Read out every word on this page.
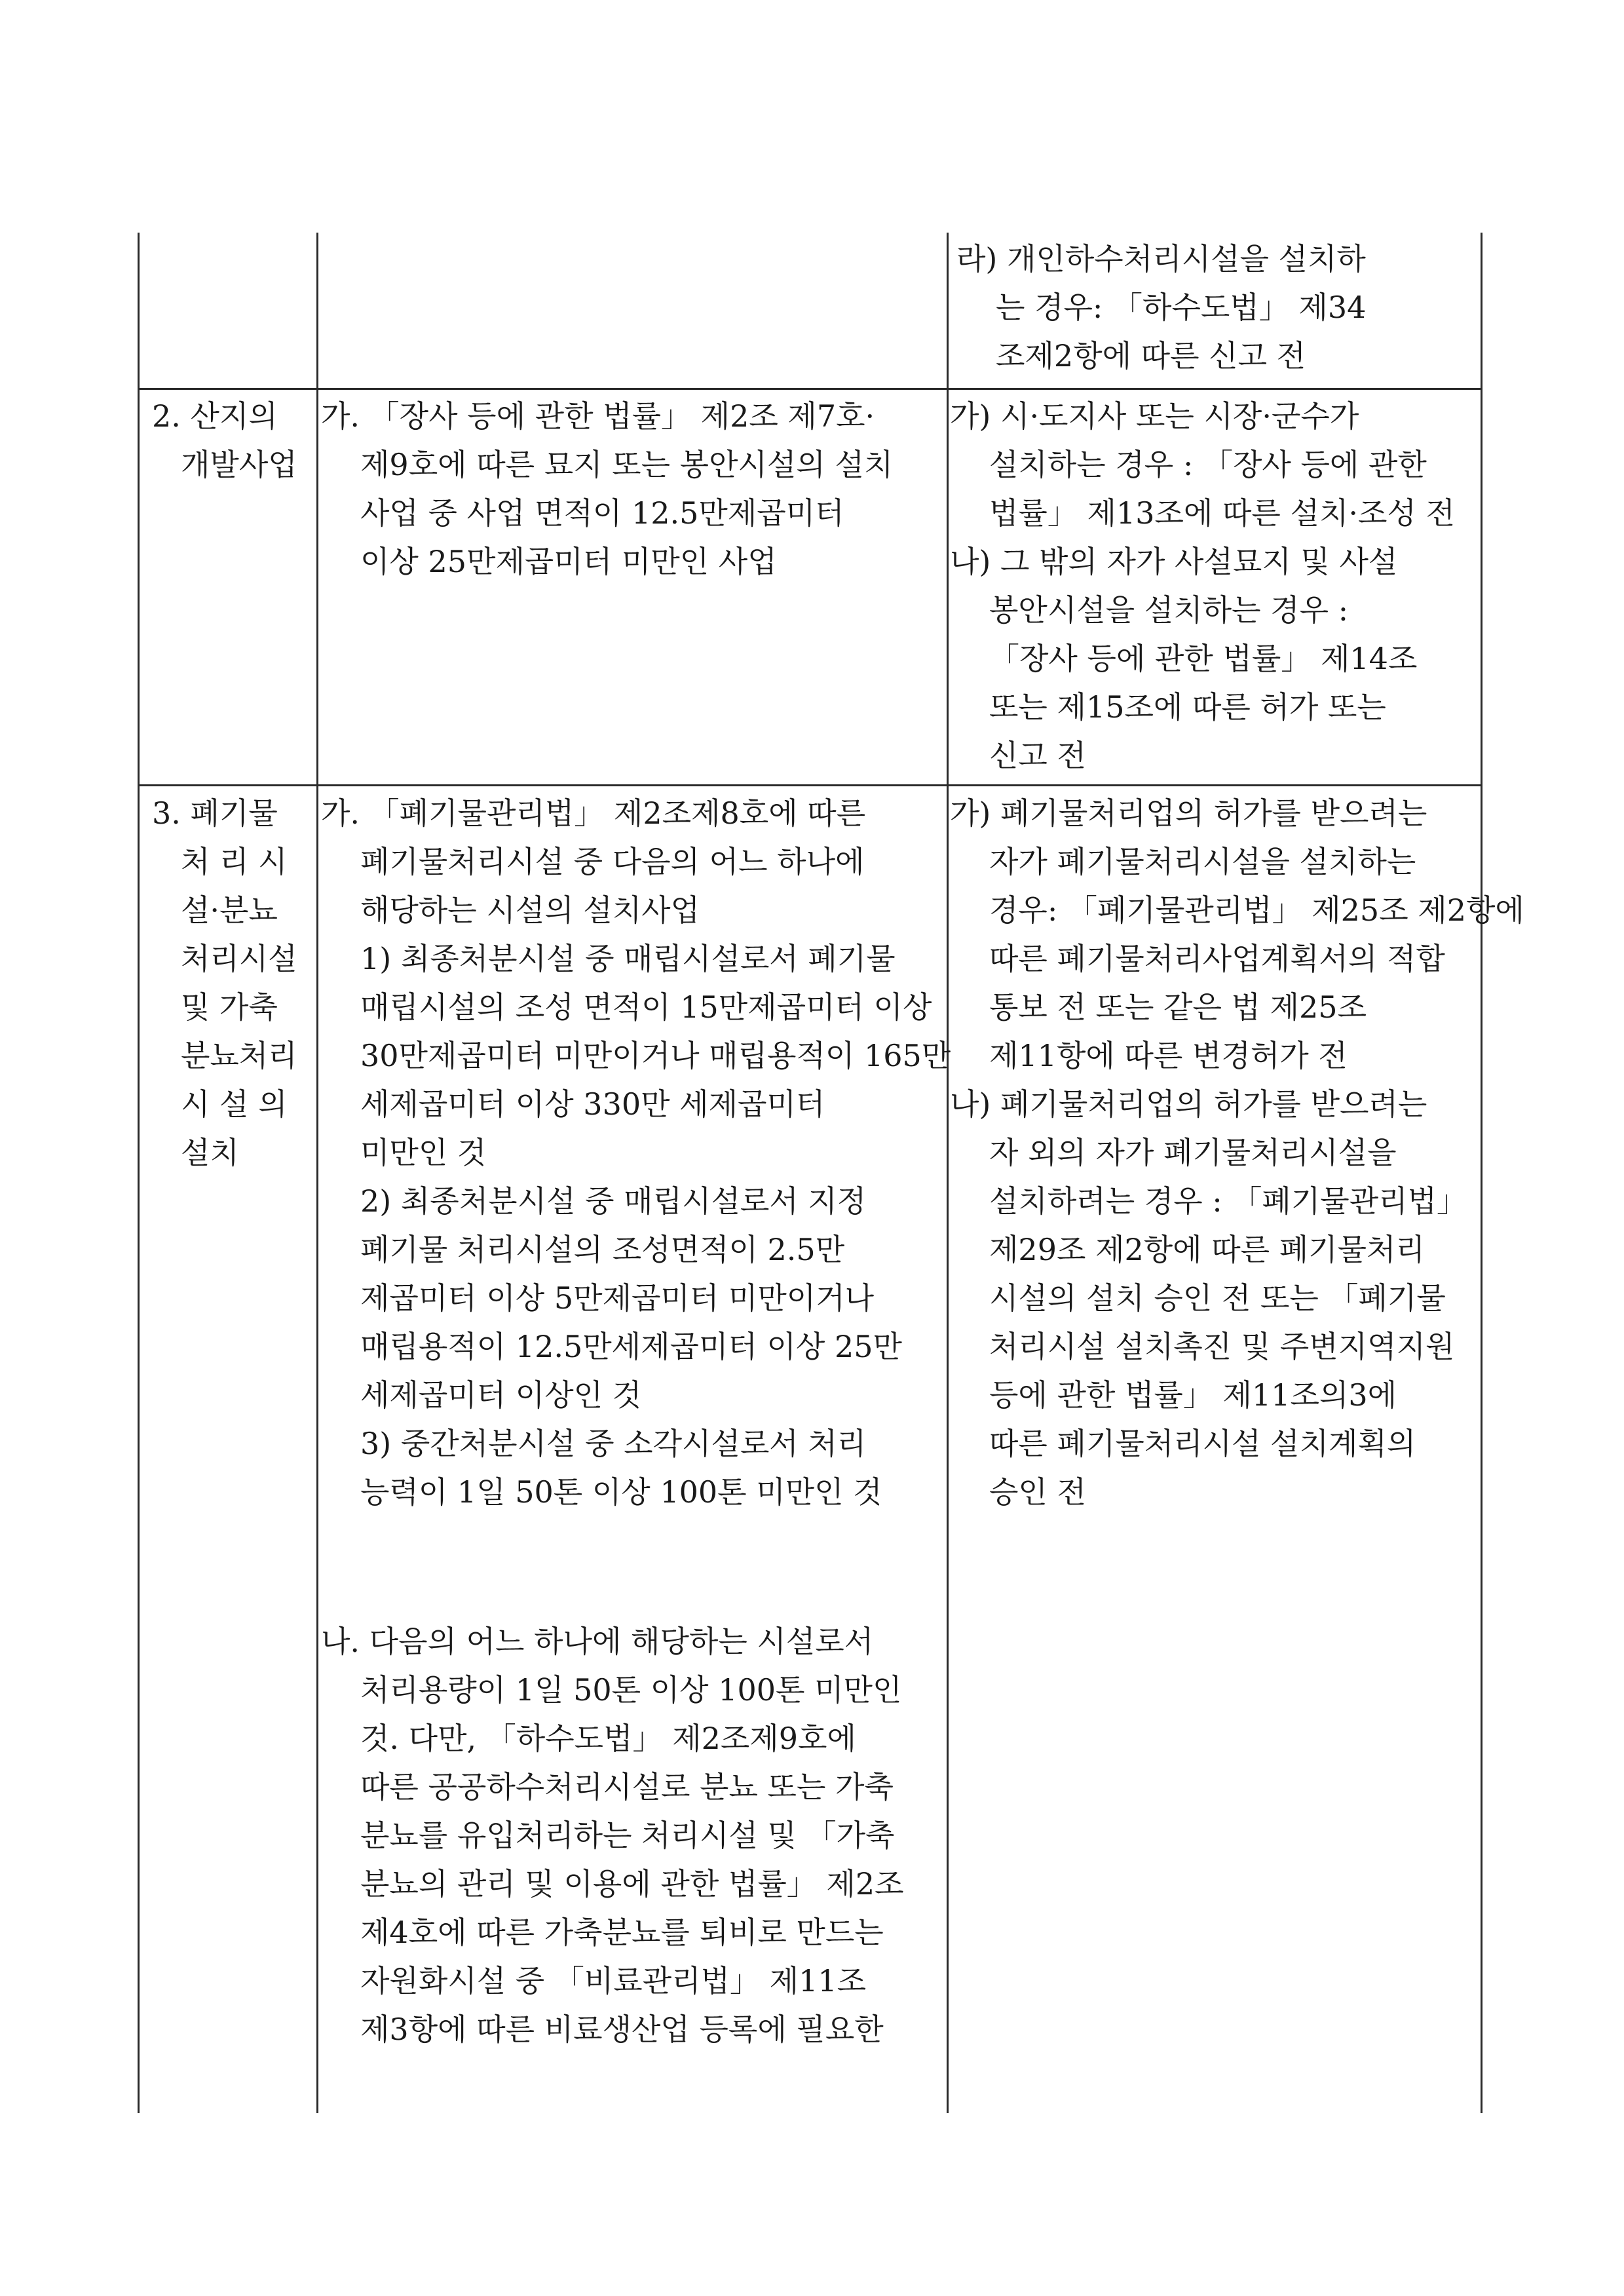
라) 개인하수처리시설을 설치하
는 경우: 「하수도법」 제34
조제2항에 따른 신고 전
2. 산지의
개발사업
가. 「장사 등에 관한 법률」 제2조 제7호·
제9호에 따른 묘지 또는 봉안시설의 설치
사업 중 사업 면적이 12.5만제곱미터
이상 25만제곱미터 미만인 사업
가) 시·도지사 또는 시장·군수가
설치하는 경우 : 「장사 등에 관한
법률」 제13조에 따른 설치·조성 전
나) 그 밖의 자가 사설묘지 및 사설
봉안시설을 설치하는 경우 :
「장사 등에 관한 법률」 제14조
또는 제15조에 따른 허가 또는
신고 전
3. 폐기물
처 리 시
설·분뇨
처리시설
및 가축
분뇨처리
시 설 의
설치
가. 「폐기물관리법」 제2조제8호에 따른
폐기물처리시설 중 다음의 어느 하나에
해당하는 시설의 설치사업
1) 최종처분시설 중 매립시설로서 폐기물
매립시설의 조성 면적이 15만제곱미터 이상
30만제곱미터 미만이거나 매립용적이 165만
세제곱미터 이상 330만 세제곱미터
미만인 것
2) 최종처분시설 중 매립시설로서 지정
폐기물 처리시설의 조성면적이 2.5만
제곱미터 이상 5만제곱미터 미만이거나
매립용적이 12.5만세제곱미터 이상 25만
세제곱미터 이상인 것
3) 중간처분시설 중 소각시설로서 처리
능력이 1일 50톤 이상 100톤 미만인 것
나. 다음의 어느 하나에 해당하는 시설로서
처리용량이 1일 50톤 이상 100톤 미만인
것. 다만, 「하수도법」 제2조제9호에
따른 공공하수처리시설로 분뇨 또는 가축
분뇨를 유입처리하는 처리시설 및 「가축
분뇨의 관리 및 이용에 관한 법률」 제2조
제4호에 따른 가축분뇨를 퇴비로 만드는
자원화시설 중 「비료관리법」 제11조
제3항에 따른 비료생산업 등록에 필요한
가) 폐기물처리업의 허가를 받으려는
자가 폐기물처리시설을 설치하는
경우: 「폐기물관리법」 제25조 제2항에
따른 폐기물처리사업계획서의 적합
통보 전 또는 같은 법 제25조
제11항에 따른 변경허가 전
나) 폐기물처리업의 허가를 받으려는
자 외의 자가 폐기물처리시설을
설치하려는 경우 : 「폐기물관리법」
제29조 제2항에 따른 폐기물처리
시설의 설치 승인 전 또는 「폐기물
처리시설 설치촉진 및 주변지역지원
등에 관한 법률」 제11조의3에
따른 폐기물처리시설 설치계획의
승인 전
